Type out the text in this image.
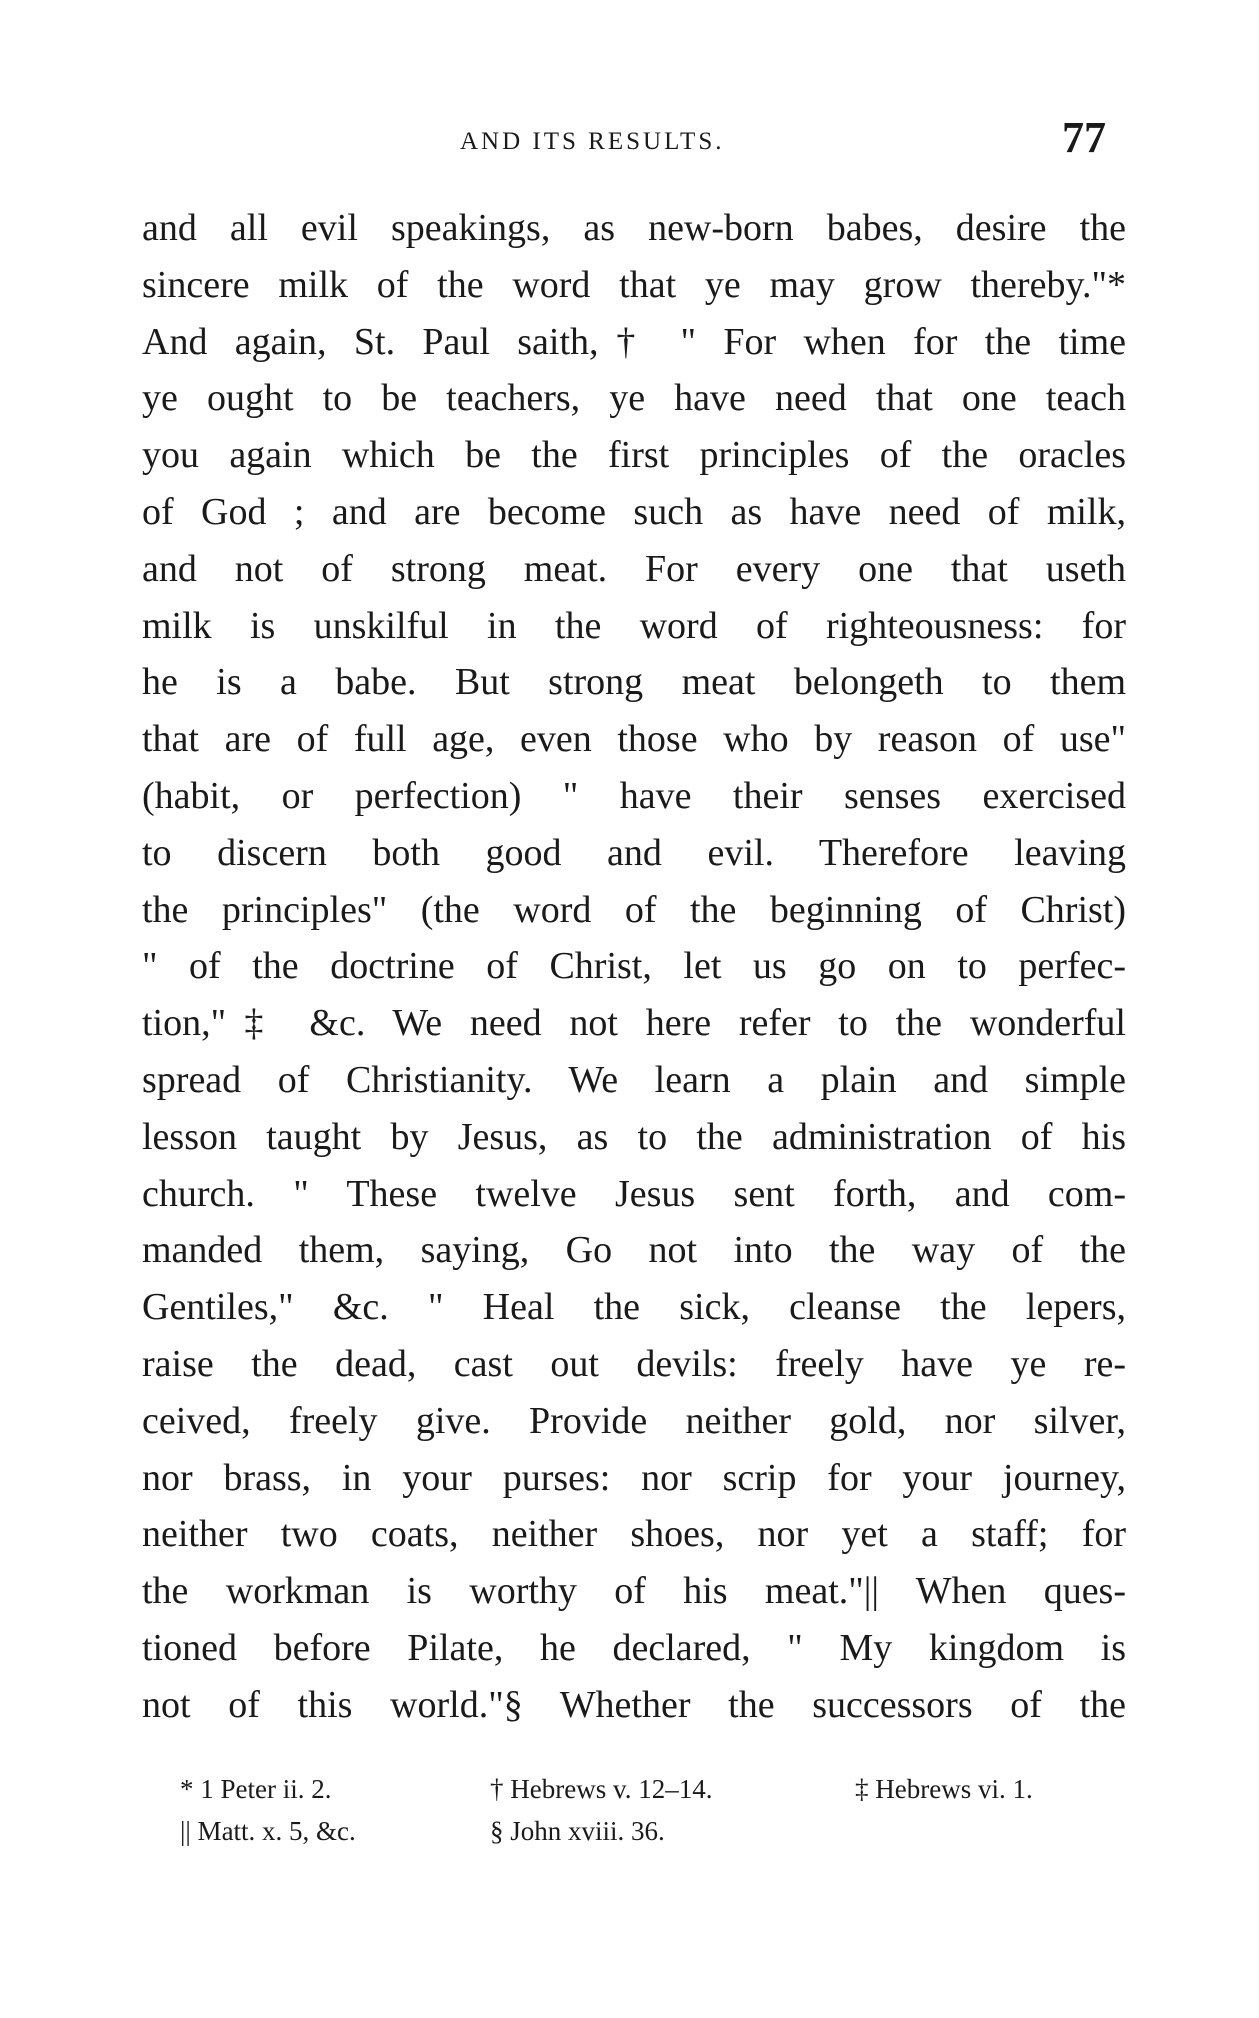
AND ITS RESULTS.	77
and all evil speakings, as new-born babes, desire the
sincere milk of the word that ye may grow thereby."*
And again, St. Paul saith,† " For when for the time
ye ought to be teachers, ye have need that one teach
you again which be the first principles of the oracles
of God ; and are become such as have need of milk,
and not of strong meat. For every one that useth
milk is unskilful in the word of righteousness: for
he is a babe. But strong meat belongeth to them
that are of full age, even those who by reason of use"
(habit, or perfection) " have their senses exercised
to discern both good and evil. Therefore leaving
the principles" (the word of the beginning of Christ)
" of the doctrine of Christ, let us go on to perfec-
tion,"‡ &c. We need not here refer to the wonderful
spread of Christianity. We learn a plain and simple
lesson taught by Jesus, as to the administration of his
church. " These twelve Jesus sent forth, and com-
manded them, saying, Go not into the way of the
Gentiles," &c. " Heal the sick, cleanse the lepers,
raise the dead, cast out devils: freely have ye re-
ceived, freely give. Provide neither gold, nor silver,
nor brass, in your purses: nor scrip for your journey,
neither two coats, neither shoes, nor yet a staff; for
the workman is worthy of his meat."|| When ques-
tioned before Pilate, he declared, " My kingdom is
not of this world."§ Whether the successors of the
* 1 Peter ii. 2.	† Hebrews v. 12–14.	‡ Hebrews vi. 1.
|| Matt. x. 5, &c.	§ John xviii. 36.
